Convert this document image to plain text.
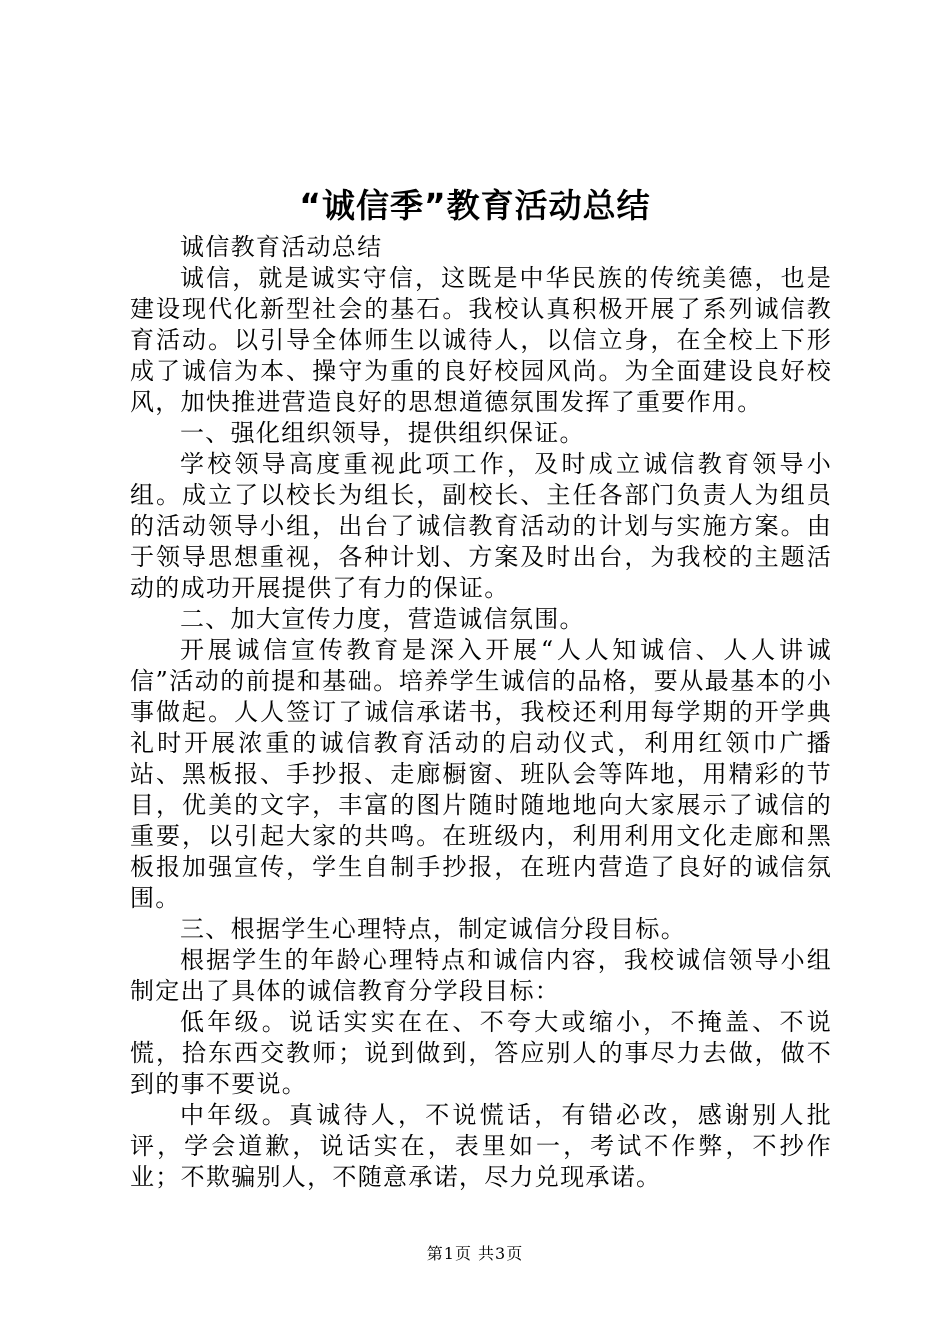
“诚信季”教育活动总结

诚信教育活动总结

诚信，就是诚实守信，这既是中华民族的传统美德，也是建设现代化新型社会的基石。我校认真积极开展了系列诚信教育活动。以引导全体师生以诚待人，以信立身，在全校上下形成了诚信为本、操守为重的良好校园风尚。为全面建设良好校风，加快推进营造良好的思想道德氛围发挥了重要作用。

一、强化组织领导，提供组织保证。

学校领导高度重视此项工作，及时成立诚信教育领导小组。成立了以校长为组长，副校长、主任各部门负责人为组员的活动领导小组，出台了诚信教育活动的计划与实施方案。由于领导思想重视，各种计划、方案及时出台，为我校的主题活动的成功开展提供了有力的保证。

二、加大宣传力度，营造诚信氛围。

开展诚信宣传教育是深入开展“人人知诚信、人人讲诚信”活动的前提和基础。培养学生诚信的品格，要从最基本的小事做起。人人签订了诚信承诺书，我校还利用每学期的开学典礼时开展浓重的诚信教育活动的启动仪式，利用红领巾广播站、黑板报、手抄报、走廊橱窗、班队会等阵地，用精彩的节目，优美的文字，丰富的图片随时随地地向大家展示了诚信的重要，以引起大家的共鸣。在班级内，利用利用文化走廊和黑板报加强宣传，学生自制手抄报，在班内营造了良好的诚信氛围。

三、根据学生心理特点，制定诚信分段目标。

根据学生的年龄心理特点和诚信内容，我校诚信领导小组制定出了具体的诚信教育分学段目标：

低年级。说话实实在在、不夸大或缩小，不掩盖、不说慌，拾东西交教师；说到做到，答应别人的事尽力去做，做不到的事不要说。

中年级。真诚待人，不说慌话，有错必改，感谢别人批评，学会道歉，说话实在，表里如一，考试不作弊，不抄作业；不欺骗别人，不随意承诺，尽力兑现承诺。

第1页 共3页
